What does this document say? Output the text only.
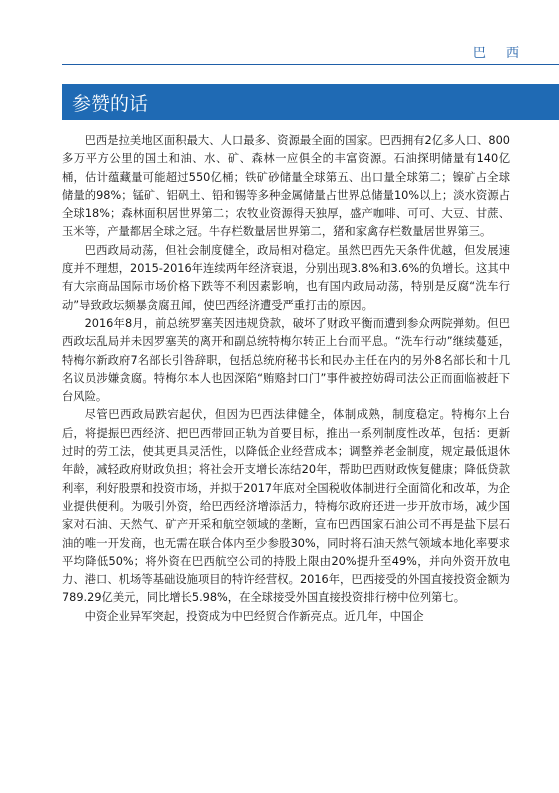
巴 西
参赞的话

巴西是拉美地区面积最大、人口最多、资源最全面的国家。巴西拥有2亿多人口、800多万平方公里的国土和油、水、矿、森林一应俱全的丰富资源。石油探明储量有140亿桶，估计蕴藏量可能超过550亿桶；铁矿砂储量全球第五、出口量全球第二；镍矿占全球储量的98%；锰矿、铝矾土、铅和锡等多种金属储量占世界总储量10%以上；淡水资源占全球18%；森林面积居世界第二；农牧业资源得天独厚，盛产咖啡、可可、大豆、甘蔗、玉米等，产量都居全球之冠。牛存栏数量居世界第二，猪和家禽存栏数量居世界第三。

巴西政局动荡，但社会制度健全，政局相对稳定。虽然巴西先天条件优越，但发展速度并不理想，2015-2016年连续两年经济衰退，分别出现3.8%和3.6%的负增长。这其中有大宗商品国际市场价格下跌等不利因素影响，也有国内政局动荡，特别是反腐“洗车行动”导致政坛频暴贪腐丑闻，使巴西经济遭受严重打击的原因。

2016年8月，前总统罗塞芙因违规贷款，破坏了财政平衡而遭到参众两院弹劾。但巴西政坛乱局并未因罗塞芙的离开和副总统特梅尔转正上台而平息。“洗车行动”继续蔓延，特梅尔新政府7名部长引咎辞职，包括总统府秘书长和民办主任在内的另外8名部长和十几名议员涉嫌贪腐。特梅尔本人也因深陷“贿赂封口门”事件被控妨碍司法公正而面临被赶下台风险。

尽管巴西政局跌宕起伏，但因为巴西法律健全，体制成熟，制度稳定。特梅尔上台后，将提振巴西经济、把巴西带回正轨为首要目标，推出一系列制度性改革，包括：更新过时的劳工法，使其更具灵活性，以降低企业经营成本；调整养老金制度，规定最低退休年龄，减轻政府财政负担；将社会开支增长冻结20年，帮助巴西财政恢复健康；降低贷款利率，利好股票和投资市场，并拟于2017年底对全国税收体制进行全面简化和改革，为企业提供便利。为吸引外资，给巴西经济增添活力，特梅尔政府还进一步开放市场，减少国家对石油、天然气、矿产开采和航空领域的垄断，宣布巴西国家石油公司不再是盐下层石油的唯一开发商，也无需在联合体内至少参股30%，同时将石油天然气领域本地化率要求平均降低50%；将外资在巴西航空公司的持股上限由20%提升至49%，并向外资开放电力、港口、机场等基础设施项目的特许经营权。2016年，巴西接受的外国直接投资金额为789.29亿美元，同比增长5.98%，在全球接受外国直接投资排行榜中位列第七。

中资企业异军突起，投资成为中巴经贸合作新亮点。近几年，中国企
